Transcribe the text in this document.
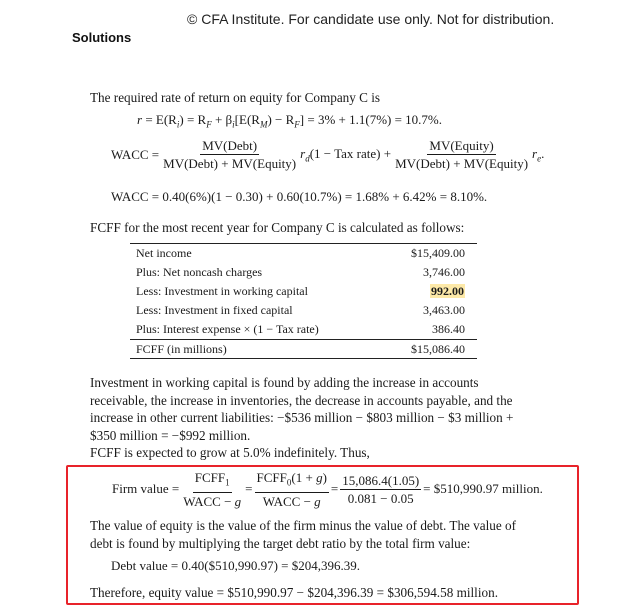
© CFA Institute. For candidate use only. Not for distribution.
Solutions
The required rate of return on equity for Company C is
$r = E(R_i) = R_F + \beta_i[E(R_M) - R_F] = 3\% + 1.1(7\%) = 10.7\%$.
WACC = $\frac{\text{MV(Debt)}}{\text{MV(Debt) + MV(Equity)}} r_d(1$ − Tax rate) + $\frac{\text{MV(Equity)}}{\text{MV(Debt) + MV(Equity)}} r_e$.
WACC = 0.40(6%)(1 − 0.30) + 0.60(10.7%) = 1.68% + 6.42% = 8.10%.
FCFF for the most recent year for Company C is calculated as follows:
Net income	$15,409.00
Plus: Net noncash charges	3,746.00
Less: Investment in working capital	992.00
Less: Investment in fixed capital	3,463.00
Plus: Interest expense × (1 − Tax rate)	386.40
FCFF (in millions)	$15,086.40
Investment in working capital is found by adding the increase in accounts
receivable, the increase in inventories, the decrease in accounts payable, and the
increase in other current liabilities: −$536 million − $803 million − $3 million +
$350 million = −$992 million.
FCFF is expected to grow at 5.0% indefinitely. Thus,
Firm value = $\frac{FCFF_1}{\text{WACC − g}} = \frac{FCFF_0(1 + g)}{\text{WACC − g}} = \frac{15,086.4(1.05)}{0.081 - 0.05}$ = $510,990.97 million.
The value of equity is the value of the firm minus the value of debt. The value of
debt is found by multiplying the target debt ratio by the total firm value:
Debt value = 0.40($510,990.97) = $204,396.39.
Therefore, equity value = $510,990.97 − $204,396.39 = $306,594.58 million.
